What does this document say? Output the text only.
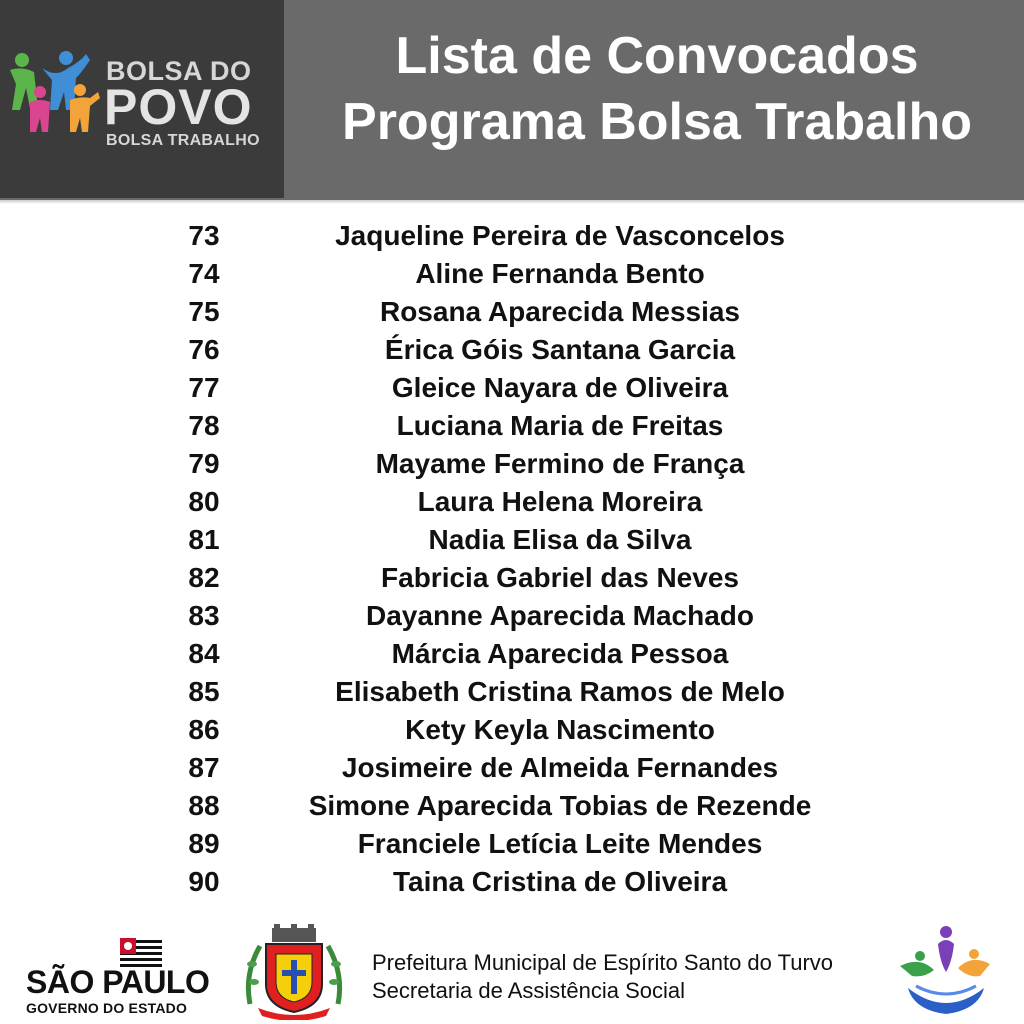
BOLSA DO
POVO
BOLSA TRABALHO
Lista de Convocados
Programa Bolsa Trabalho
73	Jaqueline Pereira de Vasconcelos
74	Aline Fernanda Bento
75	Rosana Aparecida Messias
76	Érica Góis Santana Garcia
77	Gleice Nayara de Oliveira
78	Luciana Maria de Freitas
79	Mayame Fermino de França
80	Laura Helena Moreira
81	Nadia Elisa da Silva
82	Fabricia Gabriel das Neves
83	Dayanne Aparecida Machado
84	Márcia Aparecida Pessoa
85	Elisabeth Cristina Ramos de Melo
86	Kety Keyla Nascimento
87	Josimeire de Almeida Fernandes
88	Simone Aparecida Tobias de Rezende
89	Franciele Letícia Leite Mendes
90	Taina Cristina de Oliveira
SÃO PAULO
GOVERNO DO ESTADO
Prefeitura Municipal de Espírito Santo do Turvo
Secretaria de Assistência Social
